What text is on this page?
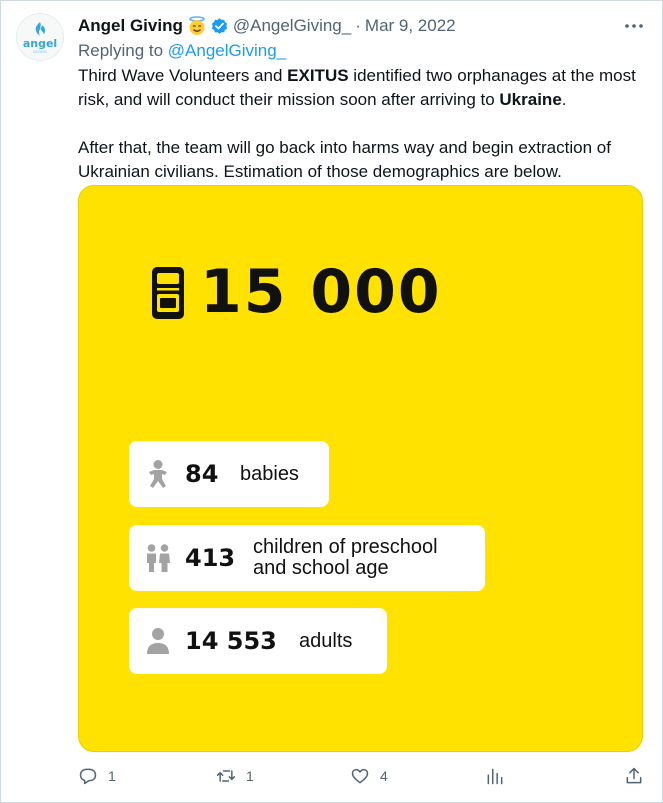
angel
GIVING
Angel Giving	@AngelGiving_ · Mar 9, 2022
Replying to @AngelGiving_

Third Wave Volunteers and EXITUS identified two orphanages at the most risk, and will conduct their mission soon after arriving to Ukraine.

After that, the team will go back into harms way and begin extraction of Ukrainian civilians. Estimation of those demographics are below.

15 000
84 babies
413 children of preschool
and school age
14 553 adults
1	1	4
